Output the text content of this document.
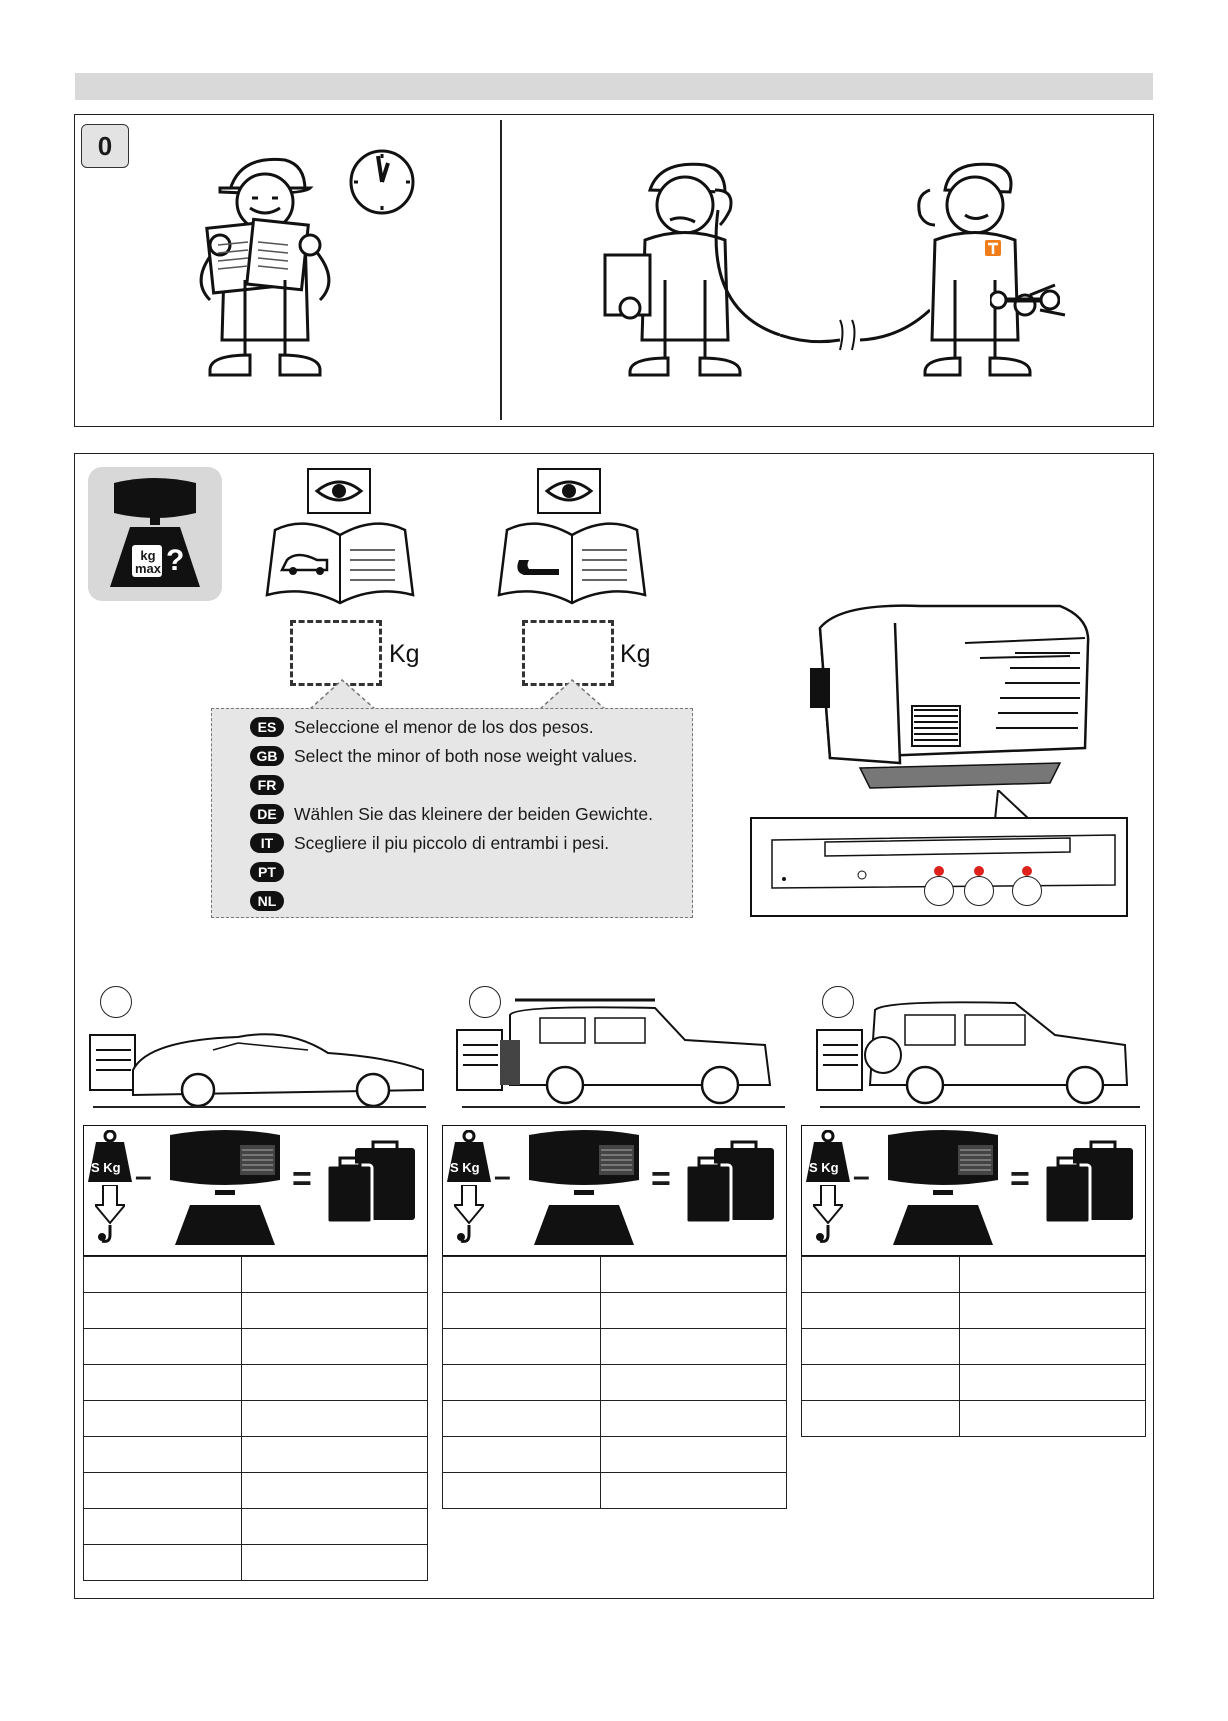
0
kg
max ?
Kg	Kg
ES	Seleccione el menor de los dos pesos.
GB Select the minor of both nose weight values.
FR
DE Wählen Sie das kleinere der beiden Gewichte.
IT	Scegliere il piu piccolo di entrambi i pesi.
PT
NL
S Kg –	=

		S Kg –	=

		S Kg –	=
